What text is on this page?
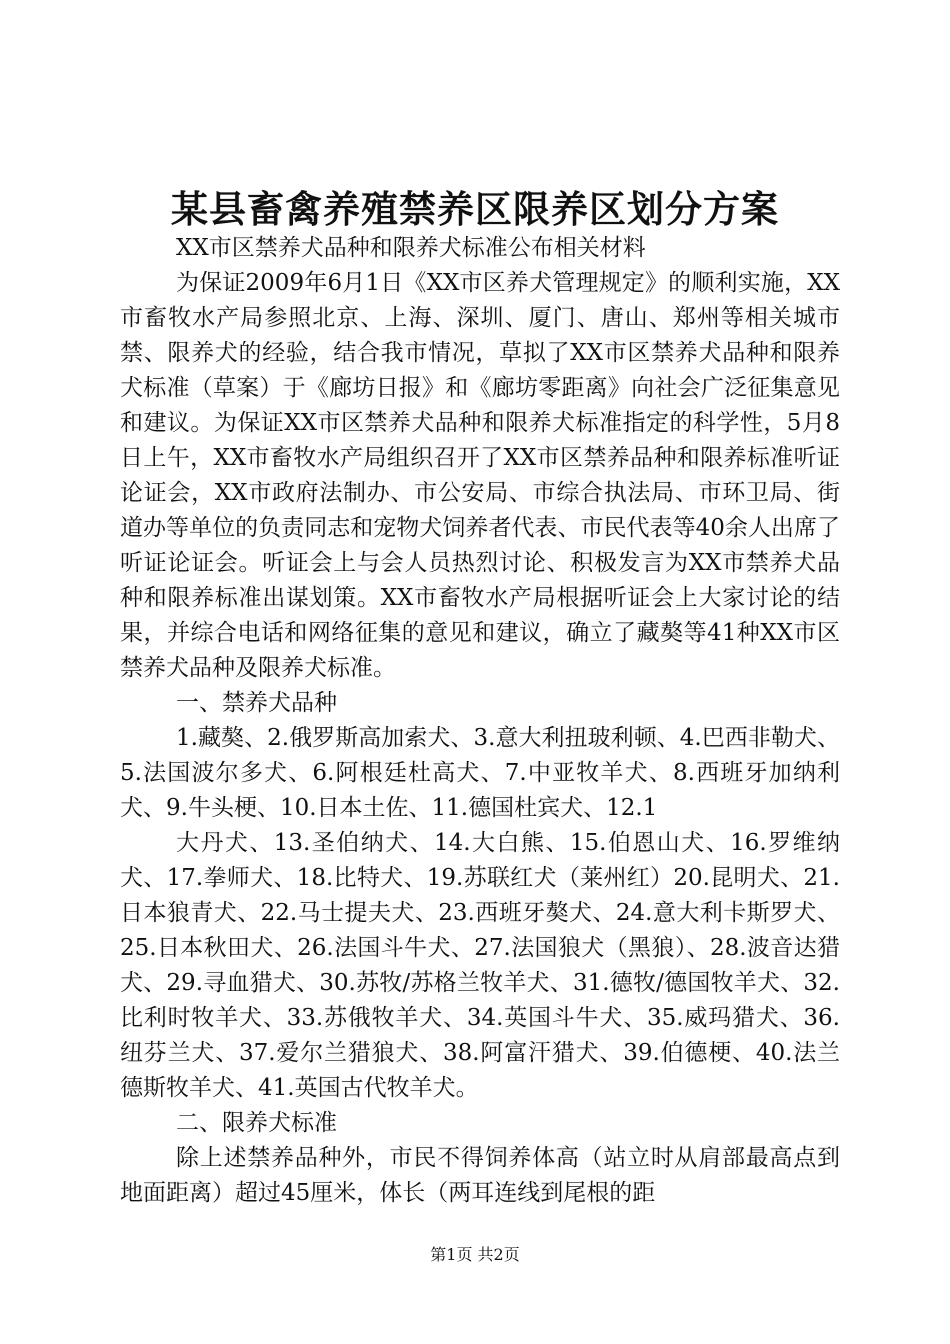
某县畜禽养殖禁养区限养区划分方案

XX市区禁养犬品种和限养犬标准公布相关材料

为保证2009年6月1日《XX市区养犬管理规定》的顺利实施，XX市畜牧水产局参照北京、上海、深圳、厦门、唐山、郑州等相关城市禁、限养犬的经验，结合我市情况，草拟了XX市区禁养犬品种和限养犬标准（草案）于《廊坊日报》和《廊坊零距离》向社会广泛征集意见和建议。为保证XX市区禁养犬品种和限养犬标准指定的科学性，5月8日上午，XX市畜牧水产局组织召开了XX市区禁养品种和限养标准听证论证会，XX市政府法制办、市公安局、市综合执法局、市环卫局、街道办等单位的负责同志和宠物犬饲养者代表、市民代表等40余人出席了听证论证会。听证会上与会人员热烈讨论、积极发言为XX市禁养犬品种和限养标准出谋划策。XX市畜牧水产局根据听证会上大家讨论的结果，并综合电话和网络征集的意见和建议，确立了藏獒等41种XX市区禁养犬品种及限养犬标准。

一、禁养犬品种

1.藏獒、2.俄罗斯高加索犬、3.意大利扭玻利顿、4.巴西非勒犬、5.法国波尔多犬、6.阿根廷杜高犬、7.中亚牧羊犬、8.西班牙加纳利犬、9.牛头梗、10.日本土佐、11.德国杜宾犬、12.1

大丹犬、13.圣伯纳犬、14.大白熊、15.伯恩山犬、16.罗维纳犬、17.拳师犬、18.比特犬、19.苏联红犬（莱州红）20.昆明犬、21.日本狼青犬、22.马士提夫犬、23.西班牙獒犬、24.意大利卡斯罗犬、25.日本秋田犬、26.法国斗牛犬、27.法国狼犬（黑狼）、28.波音达猎犬、29.寻血猎犬、30.苏牧/苏格兰牧羊犬、31.德牧/德国牧羊犬、32.比利时牧羊犬、33.苏俄牧羊犬、34.英国斗牛犬、35.威玛猎犬、36.纽芬兰犬、37.爱尔兰猎狼犬、38.阿富汗猎犬、39.伯德梗、40.法兰德斯牧羊犬、41.英国古代牧羊犬。

二、限养犬标准

除上述禁养品种外，市民不得饲养体高（站立时从肩部最高点到地面距离）超过45厘米，体长（两耳连线到尾根的距

第1页 共2页
